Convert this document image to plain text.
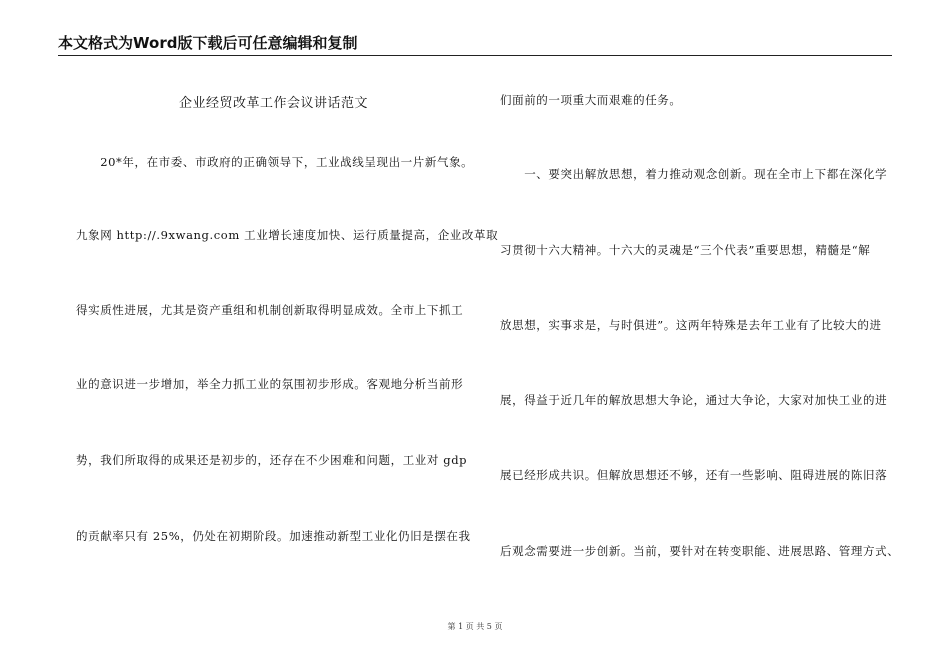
本文格式为Word版下载后可任意编辑和复制
企业经贸改革工作会议讲话范文
　　20*年，在市委、市政府的正确领导下，工业战线呈现出一片新气象。
九象网 http://.9xwang.com 工业增长速度加快、运行质量提高，企业改革取
得实质性进展，尤其是资产重组和机制创新取得明显成效。全市上下抓工
业的意识进一步增加，举全力抓工业的氛围初步形成。客观地分析当前形
势，我们所取得的成果还是初步的，还存在不少困难和问题，工业对 gdp
的贡献率只有 25%，仍处在初期阶段。加速推动新型工业化仍旧是摆在我
们面前的一项重大而艰难的任务。
　　一、要突出解放思想，着力推动观念创新。现在全市上下都在深化学
习贯彻十六大精神。十六大的灵魂是“三个代表”重要思想，精髓是“解
放思想，实事求是，与时俱进”。这两年特殊是去年工业有了比较大的进
展，得益于近几年的解放思想大争论，通过大争论，大家对加快工业的进
展已经形成共识。但解放思想还不够，还有一些影响、阻碍进展的陈旧落
后观念需要进一步创新。当前，要针对在转变职能、进展思路、管理方式、
第 1 页 共 5 页
